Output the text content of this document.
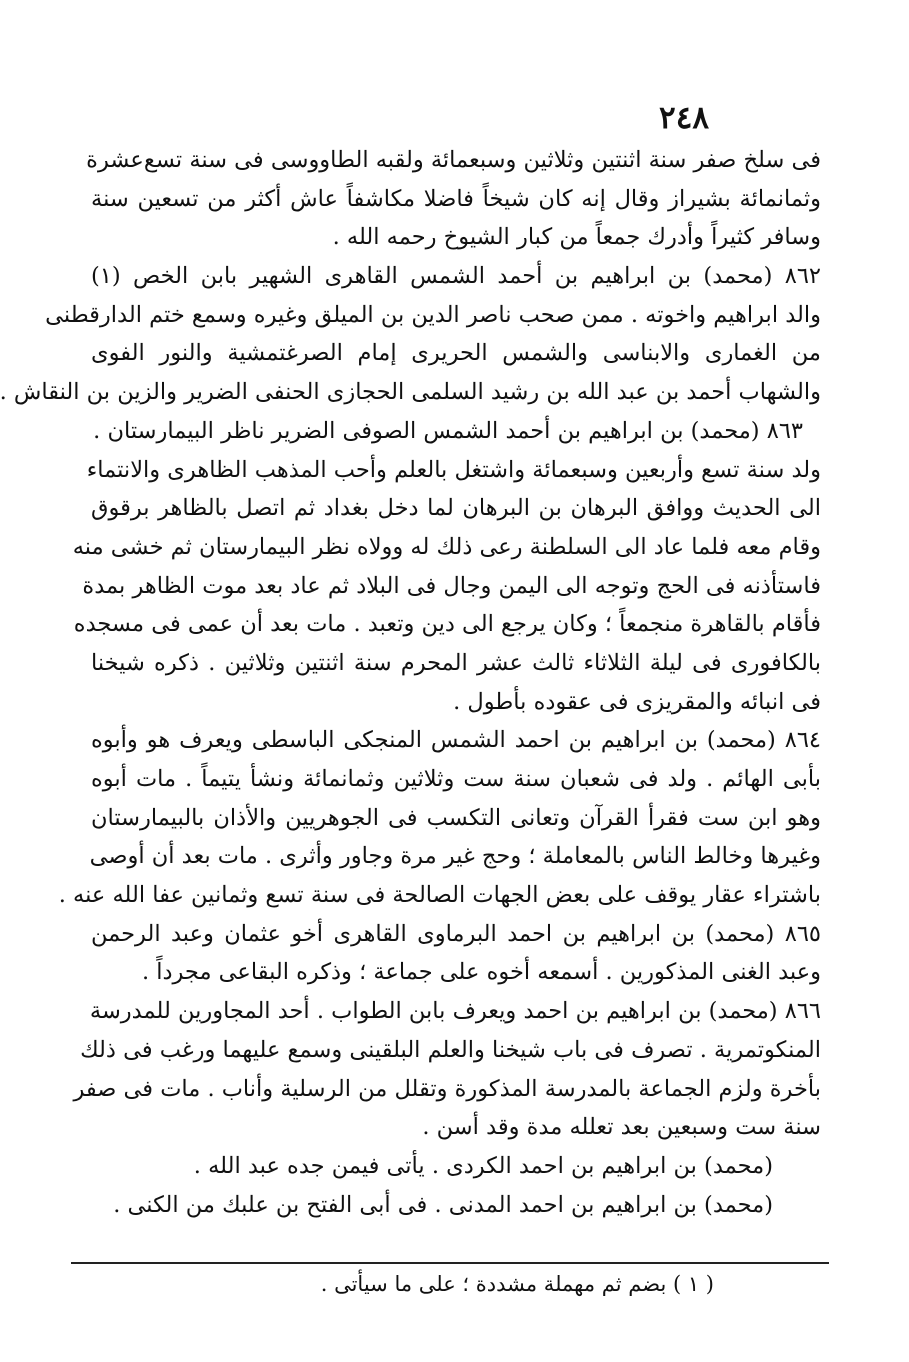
٢٤٨
فى سلخ صفر سنة اثنتين وثلاثين وسبعمائة ولقبه الطاووسى فى سنة تسع‌عشرة
وثمانمائة بشيراز وقال إنه كان شيخاً فاضلا مكاشفاً عاش أكثر من تسعين سنة
وسافر كثيراً وأدرك جمعاً من كبار الشيوخ رحمه الله .
٨٦٢ (محمد) بن ابراهيم بن أحمد الشمس القاهرى الشهير بابن الخص (١)
والد ابراهيم واخوته . ممن صحب ناصر الدين بن الميلق وغيره وسمع ختم الدارقطنى
من الغمارى والابناسى والشمس الحريرى إمام الصرغتمشية والنور الفوى
والشهاب أحمد بن عبد الله بن رشيد السلمى الحجازى الحنفى الضرير والزين بن النقاش .
٨٦٣ (محمد) بن ابراهيم بن أحمد الشمس الصوفى الضرير ناظر البيمارستان .
ولد سنة تسع وأربعين وسبعمائة واشتغل بالعلم وأحب المذهب الظاهرى والانتماء
الى الحديث ووافق البرهان بن البرهان لما دخل بغداد ثم اتصل بالظاهر برقوق
وقام معه فلما عاد الى السلطنة رعى ذلك له وولاه نظر البيمارستان ثم خشى منه
فاستأذنه فى الحج وتوجه الى اليمن وجال فى البلاد ثم عاد بعد موت الظاهر بمدة
فأقام بالقاهرة منجمعاً ؛ وكان يرجع الى دين وتعبد . مات بعد أن عمى فى مسجده
بالكافورى فى ليلة الثلاثاء ثالث عشر المحرم سنة اثنتين وثلاثين . ذكره شيخنا
فى انبائه والمقريزى فى عقوده بأطول .
٨٦٤ (محمد) بن ابراهيم بن احمد الشمس المنجكى الباسطى ويعرف هو وأبوه
بأبى الهائم . ولد فى شعبان سنة ست وثلاثين وثمانمائة ونشأ يتيماً . مات أبوه
وهو ابن ست فقرأ القرآن وتعانى التكسب فى الجوهريين والأذان بالبيمارستان
وغيرها وخالط الناس بالمعاملة ؛ وحج غير مرة وجاور وأثرى . مات بعد أن أوصى
باشتراء عقار يوقف على بعض الجهات الصالحة فى سنة تسع وثمانين عفا الله عنه .
٨٦٥ (محمد) بن ابراهيم بن احمد البرماوى القاهرى أخو عثمان وعبد الرحمن
وعبد الغنى المذكورين . أسمعه أخوه على جماعة ؛ وذكره البقاعى مجرداً .
٨٦٦ (محمد) بن ابراهيم بن احمد ويعرف بابن الطواب . أحد المجاورين للمدرسة
المنكوتمرية . تصرف فى باب شيخنا والعلم البلقينى وسمع عليهما ورغب فى ذلك
بأخرة ولزم الجماعة بالمدرسة المذكورة وتقلل من الرسلية وأناب . مات فى صفر
سنة ست وسبعين بعد تعلله مدة وقد أسن .
(محمد) بن ابراهيم بن احمد الكردى . يأتى فيمن جده عبد الله .
(محمد) بن ابراهيم بن احمد المدنى . فى أبى الفتح بن علبك من الكنى .
( ١ ) بضم ثم مهملة مشددة ؛ على ما سيأتى .
